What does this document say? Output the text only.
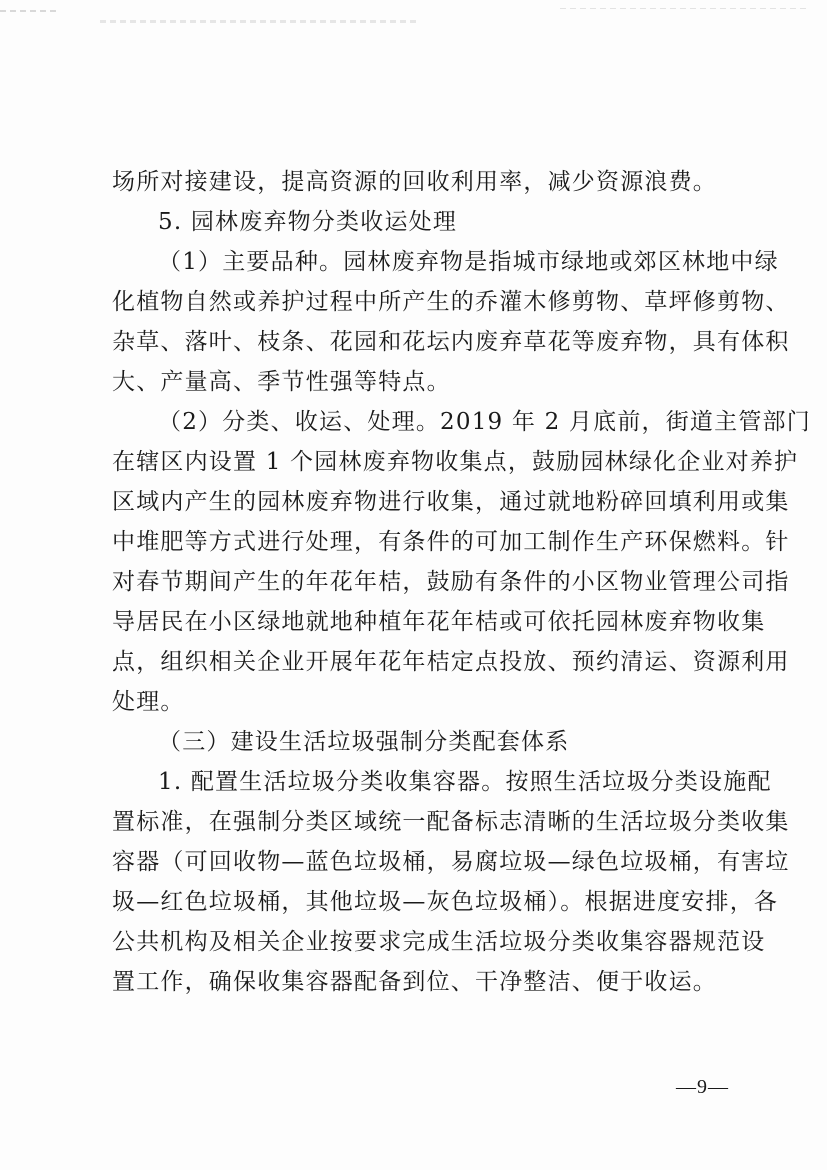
场所对接建设，提高资源的回收利用率，减少资源浪费。
5. 园林废弃物分类收运处理
（1）主要品种。园林废弃物是指城市绿地或郊区林地中绿
化植物自然或养护过程中所产生的乔灌木修剪物、草坪修剪物、
杂草、落叶、枝条、花园和花坛内废弃草花等废弃物，具有体积
大、产量高、季节性强等特点。
（2）分类、收运、处理。2019 年 2 月底前，街道主管部门
在辖区内设置 1 个园林废弃物收集点，鼓励园林绿化企业对养护
区域内产生的园林废弃物进行收集，通过就地粉碎回填利用或集
中堆肥等方式进行处理，有条件的可加工制作生产环保燃料。针
对春节期间产生的年花年桔，鼓励有条件的小区物业管理公司指
导居民在小区绿地就地种植年花年桔或可依托园林废弃物收集
点，组织相关企业开展年花年桔定点投放、预约清运、资源利用
处理。
（三）建设生活垃圾强制分类配套体系
1. 配置生活垃圾分类收集容器。按照生活垃圾分类设施配
置标准，在强制分类区域统一配备标志清晰的生活垃圾分类收集
容器（可回收物—蓝色垃圾桶，易腐垃圾—绿色垃圾桶，有害垃
圾—红色垃圾桶，其他垃圾—灰色垃圾桶）。根据进度安排，各
公共机构及相关企业按要求完成生活垃圾分类收集容器规范设
置工作，确保收集容器配备到位、干净整洁、便于收运。
—9—
